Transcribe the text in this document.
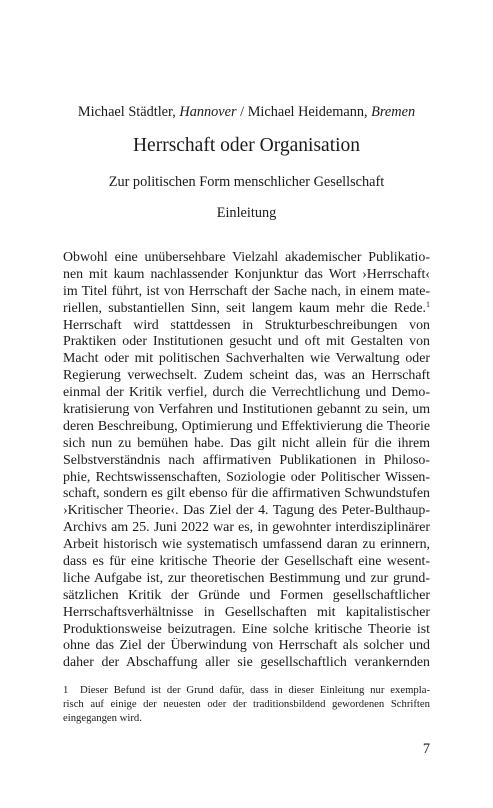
Michael Städtler, Hannover / Michael Heidemann, Bremen
Herrschaft oder Organisation
Zur politischen Form menschlicher Gesellschaft
Einleitung
Obwohl eine unübersehbare Vielzahl akademischer Publikatio-
nen mit kaum nachlassender Konjunktur das Wort ›Herrschaft‹
im Titel führt, ist von Herrschaft der Sache nach, in einem mate-
riellen, substantiellen Sinn, seit langem kaum mehr die Rede.$^1$
Herrschaft wird stattdessen in Strukturbeschreibungen von
Praktiken oder Institutionen gesucht und oft mit Gestalten von
Macht oder mit politischen Sachverhalten wie Verwaltung oder
Regierung verwechselt. Zudem scheint das, was an Herrschaft
einmal der Kritik verfiel, durch die Verrechtlichung und Demo-
kratisierung von Verfahren und Institutionen gebannt zu sein, um
deren Beschreibung, Optimierung und Effektivierung die Theorie
sich nun zu bemühen habe. Das gilt nicht allein für die ihrem
Selbstverständnis nach affirmativen Publikationen in Philoso-
phie, Rechtswissenschaften, Soziologie oder Politischer Wissen-
schaft, sondern es gilt ebenso für die affirmativen Schwundstufen
›Kritischer Theorie‹. Das Ziel der 4. Tagung des Peter-Bulthaup-
Archivs am 25. Juni 2022 war es, in gewohnter interdisziplinärer
Arbeit historisch wie systematisch umfassend daran zu erinnern,
dass es für eine kritische Theorie der Gesellschaft eine wesent-
liche Aufgabe ist, zur theoretischen Bestimmung und zur grund-
sätzlichen Kritik der Gründe und Formen gesellschaftlicher
Herrschaftsverhältnisse in Gesellschaften mit kapitalistischer
Produktionsweise beizutragen. Eine solche kritische Theorie ist
ohne das Ziel der Überwindung von Herrschaft als solcher und
daher der Abschaffung aller sie gesellschaftlich verankernden
1 Dieser Befund ist der Grund dafür, dass in dieser Einleitung nur exempla-
risch auf einige der neuesten oder der traditionsbildend gewordenen Schriften
eingegangen wird.
7
